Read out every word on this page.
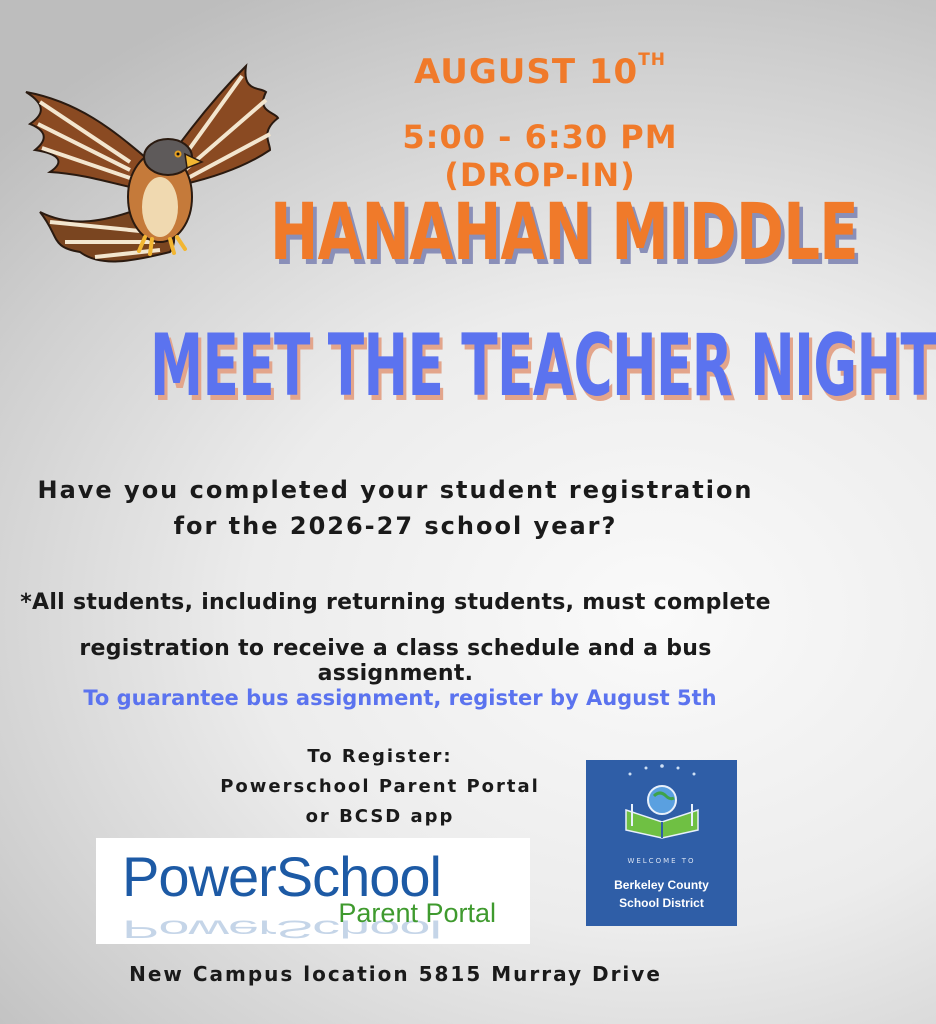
AUGUST 10TH
5:00 - 6:30 PM (DROP-IN)
HANAHAN MIDDLE
MEET THE TEACHER NIGHT
Have you completed your student registration
for the 2026-27 school year?
*All students, including returning students, must complete
registration to receive a class schedule and a bus assignment.
To guarantee bus assignment, register by August 5th
To Register:
Powerschool Parent Portal
or BCSD app
PowerSchool
PowerSchool
Parent Portal
WELCOME TO
Berkeley County
School District
New Campus location 5815 Murray Drive
